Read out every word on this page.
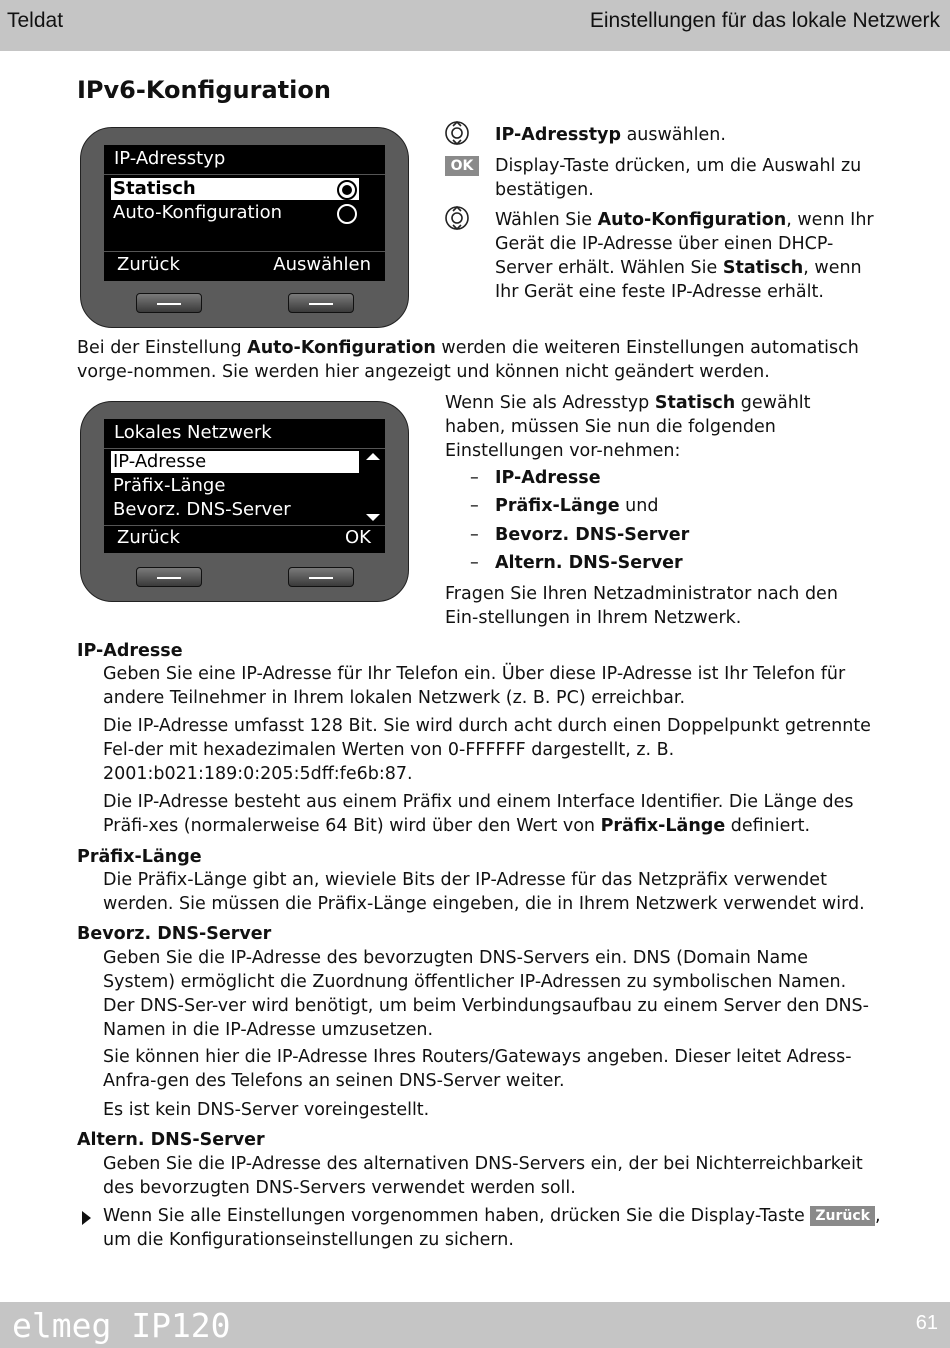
Teldat	Einstellungen für das lokale Netzwerk
IPv6-Konfiguration
IP-Adresstyp
Statisch
Auto-Konfiguration
Zurück	Auswählen
IP-Adresstyp auswählen.
OK	Display-Taste drücken, um die Auswahl zu bestätigen.
Wählen Sie Auto-Konfiguration, wenn Ihr Gerät die IP-Adresse über einen DHCP-Server erhält. Wählen Sie Statisch, wenn Ihr Gerät eine feste IP-Adresse erhält.
Bei der Einstellung Auto-Konfiguration werden die weiteren Einstellungen automatisch vorge-nommen. Sie werden hier angezeigt und können nicht geändert werden.
Lokales Netzwerk
IP-Adresse
Präfix-Länge
Bevorz. DNS-Server
Zurück	OK
Wenn Sie als Adresstyp Statisch gewählt haben, müssen Sie nun die folgenden Einstellungen vor-nehmen:
– IP-Adresse
– Präfix-Länge und
– Bevorz. DNS-Server
– Altern. DNS-Server
Fragen Sie Ihren Netzadministrator nach den Ein-stellungen in Ihrem Netzwerk.
IP-Adresse
Geben Sie eine IP-Adresse für Ihr Telefon ein. Über diese IP-Adresse ist Ihr Telefon für andere Teilnehmer in Ihrem lokalen Netzwerk (z. B. PC) erreichbar.
Die IP-Adresse umfasst 128 Bit. Sie wird durch acht durch einen Doppelpunkt getrennte Fel-der mit hexadezimalen Werten von 0-FFFFFF dargestellt, z. B. 2001:b021:189:0:205:5dff:fe6b:87.
Die IP-Adresse besteht aus einem Präfix und einem Interface Identifier. Die Länge des Präfi-xes (normalerweise 64 Bit) wird über den Wert von Präfix-Länge definiert.
Präfix-Länge
Die Präfix-Länge gibt an, wieviele Bits der IP-Adresse für das Netzpräfix verwendet werden. Sie müssen die Präfix-Länge eingeben, die in Ihrem Netzwerk verwendet wird.
Bevorz. DNS-Server
Geben Sie die IP-Adresse des bevorzugten DNS-Servers ein. DNS (Domain Name System) ermöglicht die Zuordnung öffentlicher IP-Adressen zu symbolischen Namen. Der DNS-Ser-ver wird benötigt, um beim Verbindungsaufbau zu einem Server den DNS-Namen in die IP-Adresse umzusetzen.
Sie können hier die IP-Adresse Ihres Routers/Gateways angeben. Dieser leitet Adress-Anfra-gen des Telefons an seinen DNS-Server weiter.
Es ist kein DNS-Server voreingestellt.
Altern. DNS-Server
Geben Sie die IP-Adresse des alternativen DNS-Servers ein, der bei Nichterreichbarkeit des bevorzugten DNS-Servers verwendet werden soll.
Wenn Sie alle Einstellungen vorgenommen haben, drücken Sie die Display-Taste Zurück , um die Konfigurationseinstellungen zu sichern.
elmeg IP120	61
